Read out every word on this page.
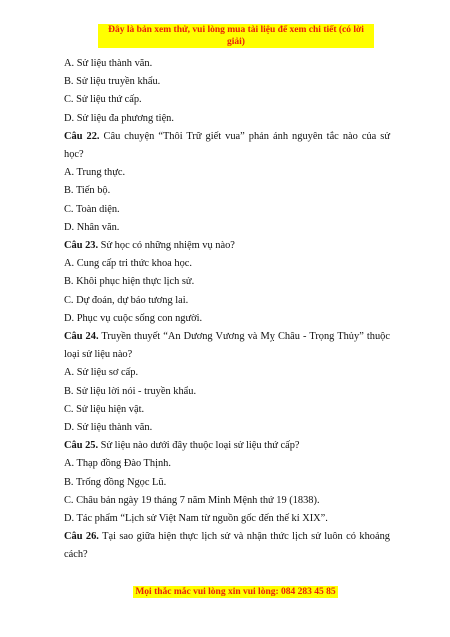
Đây là bản xem thử, vui lòng mua tài liệu để xem chi tiết (có lời giải)
A. Sử liệu thành văn.
B. Sử liệu truyền khẩu.
C. Sử liệu thứ cấp.
D. Sử liệu đa phương tiện.
Câu 22. Câu chuyện “Thôi Trữ giết vua” phản ánh nguyên tắc nào của sử học?
A. Trung thực.
B. Tiến bộ.
C. Toàn diện.
D. Nhân văn.
Câu 23. Sử học có những nhiệm vụ nào?
A. Cung cấp tri thức khoa học.
B. Khôi phục hiện thực lịch sử.
C. Dự đoán, dự báo tương lai.
D. Phục vụ cuộc sống con người.
Câu 24. Truyền thuyết “An Dương Vương và Mỵ Châu - Trọng Thủy” thuộc loại sử liệu nào?
A. Sử liệu sơ cấp.
B. Sử liệu lời nói - truyền khẩu.
C. Sử liệu hiện vật.
D. Sử liệu thành văn.
Câu 25. Sử liệu nào dưới đây thuộc loại sử liệu thứ cấp?
A. Thạp đồng Đào Thịnh.
B. Trống đồng Ngọc Lũ.
C. Châu bản ngày 19 tháng 7 năm Minh Mệnh thứ 19 (1838).
D. Tác phẩm “Lịch sử Việt Nam từ nguồn gốc đến thế kỉ XIX”.
Câu 26. Tại sao giữa hiện thực lịch sử và nhận thức lịch sử luôn có khoảng cách?
Mọi thắc mắc vui lòng xin vui lòng: 084 283 45 85
